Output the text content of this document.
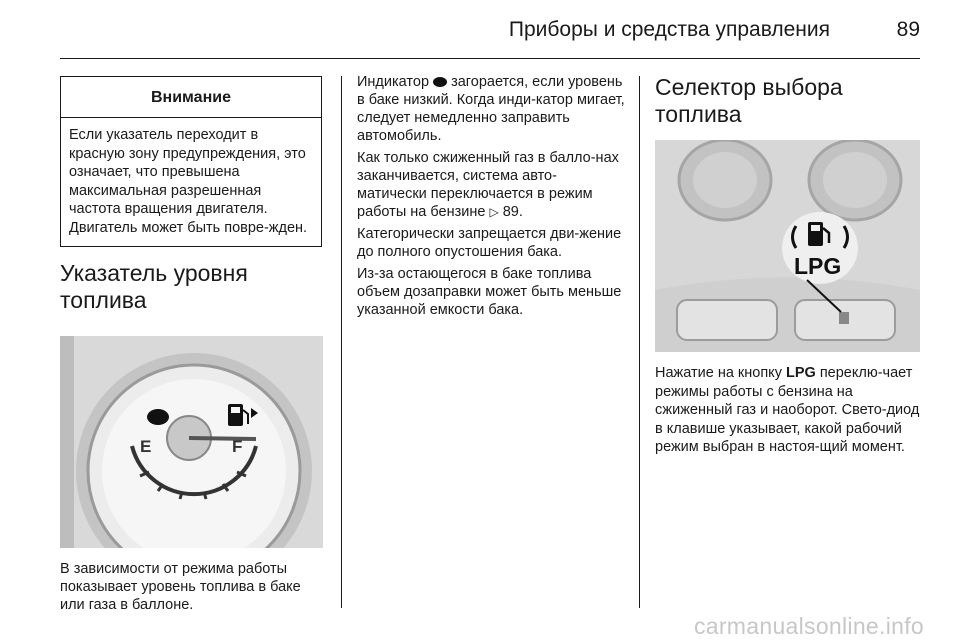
Приборы и средства управления	89
Внимание
Если указатель переходит в красную зону предупреждения, это означает, что превышена максимальная разрешенная частота вращения двигателя. Двигатель может быть повре-жден.
Указатель уровня топлива
E	F
В зависимости от режима работы показывает уровень топлива в баке или газа в баллоне.

Индикатор загорается, если уровень в баке низкий. Когда инди-катор мигает, следует немедленно заправить автомобиль.

Как только сжиженный газ в балло-нах заканчивается, система авто-матически переключается в режим работы на бензине ▷ 89.

Категорически запрещается дви-жение до полного опустошения бака.

Из-за остающегося в баке топлива объем дозаправки может быть меньше указанной емкости бака.

Селектор выбора топлива
LPG

Нажатие на кнопку LPG переклю-чает режимы работы с бензина на сжиженный газ и наоборот. Свето-диод в клавише указывает, какой рабочий режим выбран в настоя-щий момент.

carmanualsonline.info
